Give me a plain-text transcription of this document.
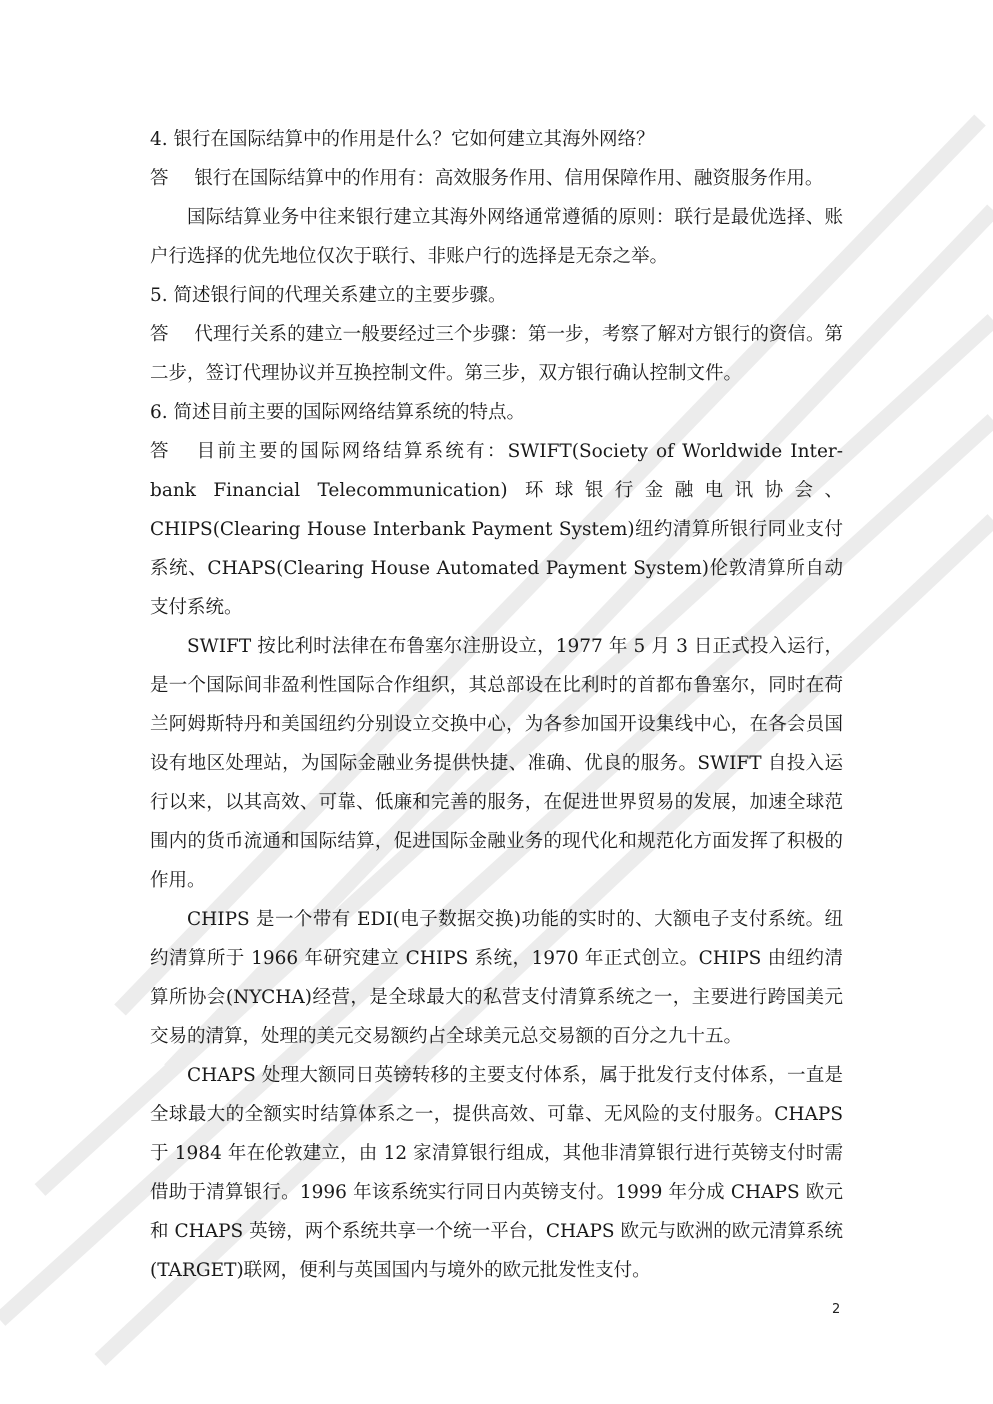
4. 银行在国际结算中的作用是什么？它如何建立其海外网络？

答 银行在国际结算中的作用有：高效服务作用、信用保障作用、融资服务作用。

国际结算业务中往来银行建立其海外网络通常遵循的原则：联行是最优选择、账户行选择的优先地位仅次于联行、非账户行的选择是无奈之举。

5. 简述银行间的代理关系建立的主要步骤。

答 代理行关系的建立一般要经过三个步骤：第一步，考察了解对方银行的资信。第二步，签订代理协议并互换控制文件。第三步，双方银行确认控制文件。

6. 简述目前主要的国际网络结算系统的特点。

答 目前主要的国际网络结算系统有：SWIFT(Society of Worldwide Inter-bank Financial Telecommunication) 环球银行金融电讯协会、CHIPS(Clearing House Interbank Payment System)纽约清算所银行同业支付系统、CHAPS(Clearing House Automated Payment System)伦敦清算所自动支付系统。

SWIFT 按比利时法律在布鲁塞尔注册设立，1977 年 5 月 3 日正式投入运行，是一个国际间非盈利性国际合作组织，其总部设在比利时的首都布鲁塞尔，同时在荷兰阿姆斯特丹和美国纽约分别设立交换中心，为各参加国开设集线中心，在各会员国设有地区处理站，为国际金融业务提供快捷、准确、优良的服务。SWIFT 自投入运行以来，以其高效、可靠、低廉和完善的服务，在促进世界贸易的发展，加速全球范围内的货币流通和国际结算，促进国际金融业务的现代化和规范化方面发挥了积极的作用。

CHIPS 是一个带有 EDI(电子数据交换)功能的实时的、大额电子支付系统。纽约清算所于 1966 年研究建立 CHIPS 系统，1970 年正式创立。CHIPS 由纽约清算所协会(NYCHA)经营，是全球最大的私营支付清算系统之一，主要进行跨国美元交易的清算，处理的美元交易额约占全球美元总交易额的百分之九十五。

CHAPS 处理大额同日英镑转移的主要支付体系，属于批发行支付体系，一直是全球最大的全额实时结算体系之一，提供高效、可靠、无风险的支付服务。CHAPS 于 1984 年在伦敦建立，由 12 家清算银行组成，其他非清算银行进行英镑支付时需借助于清算银行。1996 年该系统实行同日内英镑支付。1999 年分成 CHAPS 欧元和 CHAPS 英镑，两个系统共享一个统一平台，CHAPS 欧元与欧洲的欧元清算系统(TARGET)联网，便利与英国国内与境外的欧元批发性支付。

2
